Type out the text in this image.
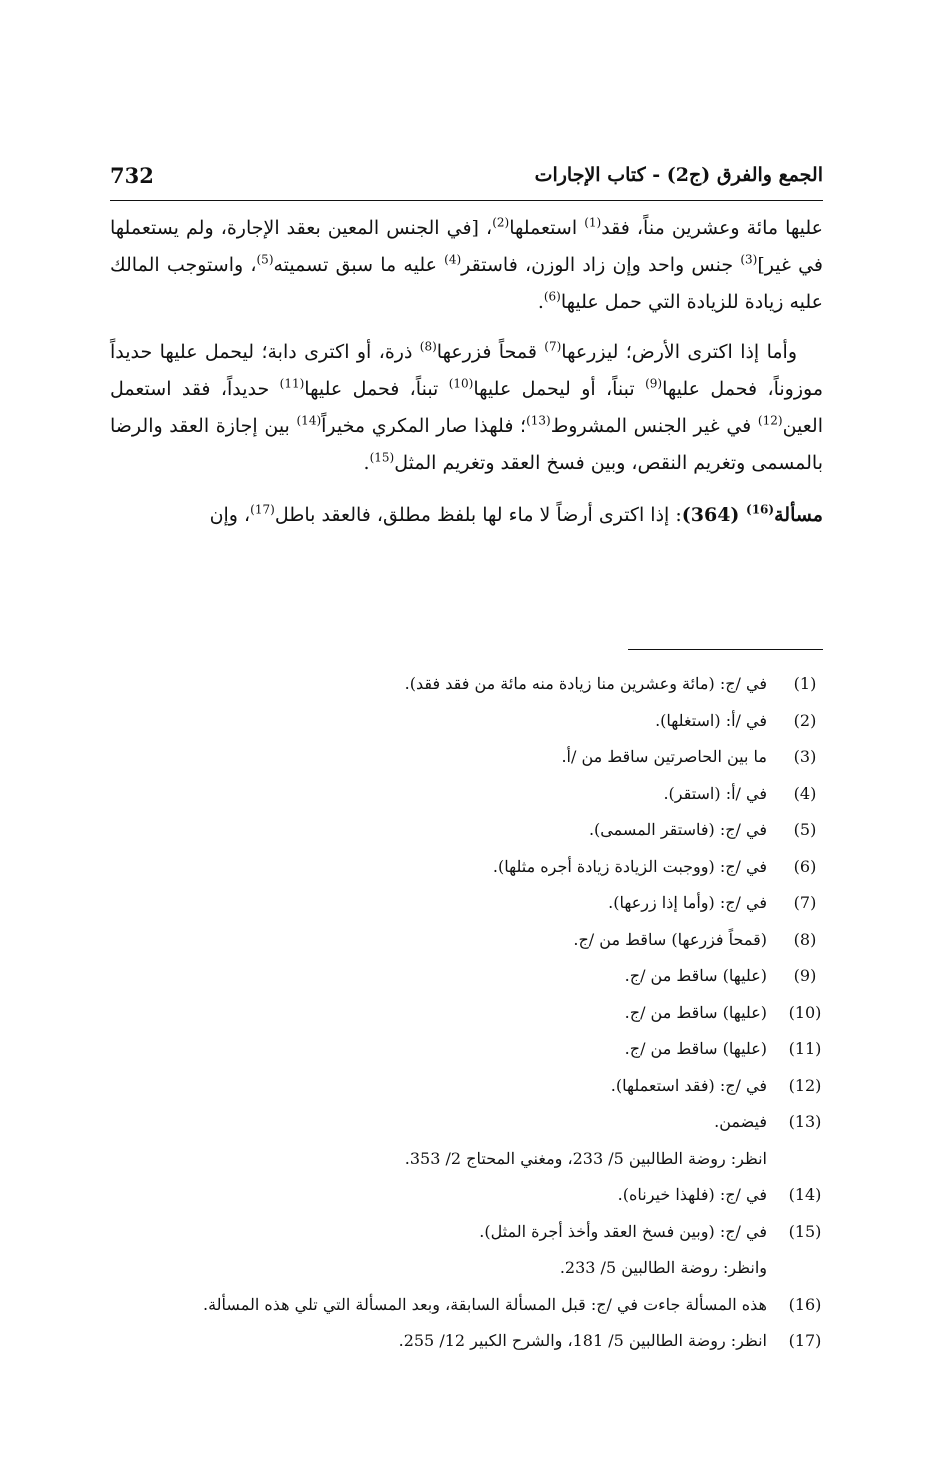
732	الجمع والفرق (ج2) - كتاب الإجارات

عليها مائة وعشرين مناً، فقد$^{(1)}$ استعملها$^{(2)}$، [في الجنس المعين بعقد الإجارة، ولم يستعملها في غير]$^{(3)}$ جنس واحد وإن زاد الوزن، فاستقر$^{(4)}$ عليه ما سبق تسميته$^{(5)}$، واستوجب المالك عليه زيادة للزيادة التي حمل عليها$^{(6)}$.

وأما إذا اكترى الأرض؛ ليزرعها$^{(7)}$ قمحاً فزرعها$^{(8)}$ ذرة، أو اكترى دابة؛ ليحمل عليها حديداً موزوناً، فحمل عليها$^{(9)}$ تبناً، أو ليحمل عليها$^{(10)}$ تبناً، فحمل عليها$^{(11)}$ حديداً، فقد استعمل العين$^{(12)}$ في غير الجنس المشروط$^{(13)}$؛ فلهذا صار المكري مخيراً$^{(14)}$ بين إجازة العقد والرضا بالمسمى وتغريم النقص، وبين فسخ العقد وتغريم المثل$^{(15)}$.

مسألة$^{(16)}$ (364): إذا اكترى أرضاً لا ماء لها بلفظ مطلق، فالعقد باطل$^{(17)}$، وإن

(1)
في /ج: (مائة وعشرين منا زيادة منه مائة من فقد فقد).
(2)
في /أ: (استغلها).
(3)
ما بين الحاصرتين ساقط من /أ.
(4)
في /أ: (استقر).
(5)
في /ج: (فاستقر المسمى).
(6)
في /ج: (ووجبت الزيادة زيادة أجره مثلها).
(7)
في /ج: (وأما إذا زرعها).
(8)
(قمحاً فزرعها) ساقط من /ج.
(9)
(عليها) ساقط من /ج.
(10)
(عليها) ساقط من /ج.
(11)
(عليها) ساقط من /ج.
(12)
في /ج: (فقد استعملها).
(13)
فيضمن.
انظر: روضة الطالبين 5/ 233، ومغني المحتاج 2/ 353.
(14)
في /ج: (فلهذا خيرناه).
(15)
في /ج: (وبين فسخ العقد وأخذ أجرة المثل).
وانظر: روضة الطالبين 5/ 233.
(16)
هذه المسألة جاءت في /ج: قبل المسألة السابقة، وبعد المسألة التي تلي هذه المسألة.
(17)
انظر: روضة الطالبين 5/ 181، والشرح الكبير 12/ 255.
